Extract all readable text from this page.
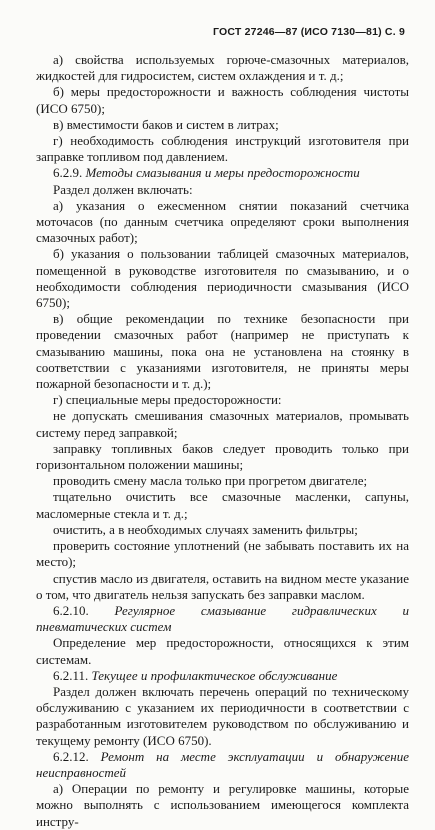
ГОСТ 27246—87 (ИСО 7130—81) С. 9

а) свойства используемых горюче-смазочных материалов, жидкостей для гидросистем, систем охлаждения и т. д.;

б) меры предосторожности и важность соблюдения чистоты (ИСО 6750);

в) вместимости баков и систем в литрах;

г) необходимость соблюдения инструкций изготовителя при заправке топливом под давлением.

6.2.9. Методы смазывания и меры предосторожности

Раздел должен включать:

а) указания о ежесменном снятии показаний счетчика моточасов (по данным счетчика определяют сроки выполнения смазочных работ);

б) указания о пользовании таблицей смазочных материалов, помещенной в руководстве изготовителя по смазыванию, и о необходимости соблюдения периодичности смазывания (ИСО 6750);

в) общие рекомендации по технике безопасности при проведении смазочных работ (например не приступать к смазыванию машины, пока она не установлена на стоянку в соответствии с указаниями изготовителя, не приняты меры пожарной безопасности и т. д.);

г) специальные меры предосторожности:

не допускать смешивания смазочных материалов, промывать систему перед заправкой;

заправку топливных баков следует проводить только при горизонтальном положении машины;

проводить смену масла только при прогретом двигателе;

тщательно очистить все смазочные масленки, сапуны, масломерные стекла и т. д.;

очистить, а в необходимых случаях заменить фильтры;

проверить состояние уплотнений (не забывать поставить их на место);

спустив масло из двигателя, оставить на видном месте указание о том, что двигатель нельзя запускать без заправки маслом.

6.2.10. Регулярное смазывание гидравлических и пневматических систем

Определение мер предосторожности, относящихся к этим системам.

6.2.11. Текущее и профилактическое обслуживание

Раздел должен включать перечень операций по техническому обслуживанию с указанием их периодичности в соответствии с разработанным изготовителем руководством по обслуживанию и текущему ремонту (ИСО 6750).

6.2.12. Ремонт на месте эксплуатации и обнаружение неисправностей

а) Операции по ремонту и регулировке машины, которые можно выполнять с использованием имеющегося комплекта инстру-
